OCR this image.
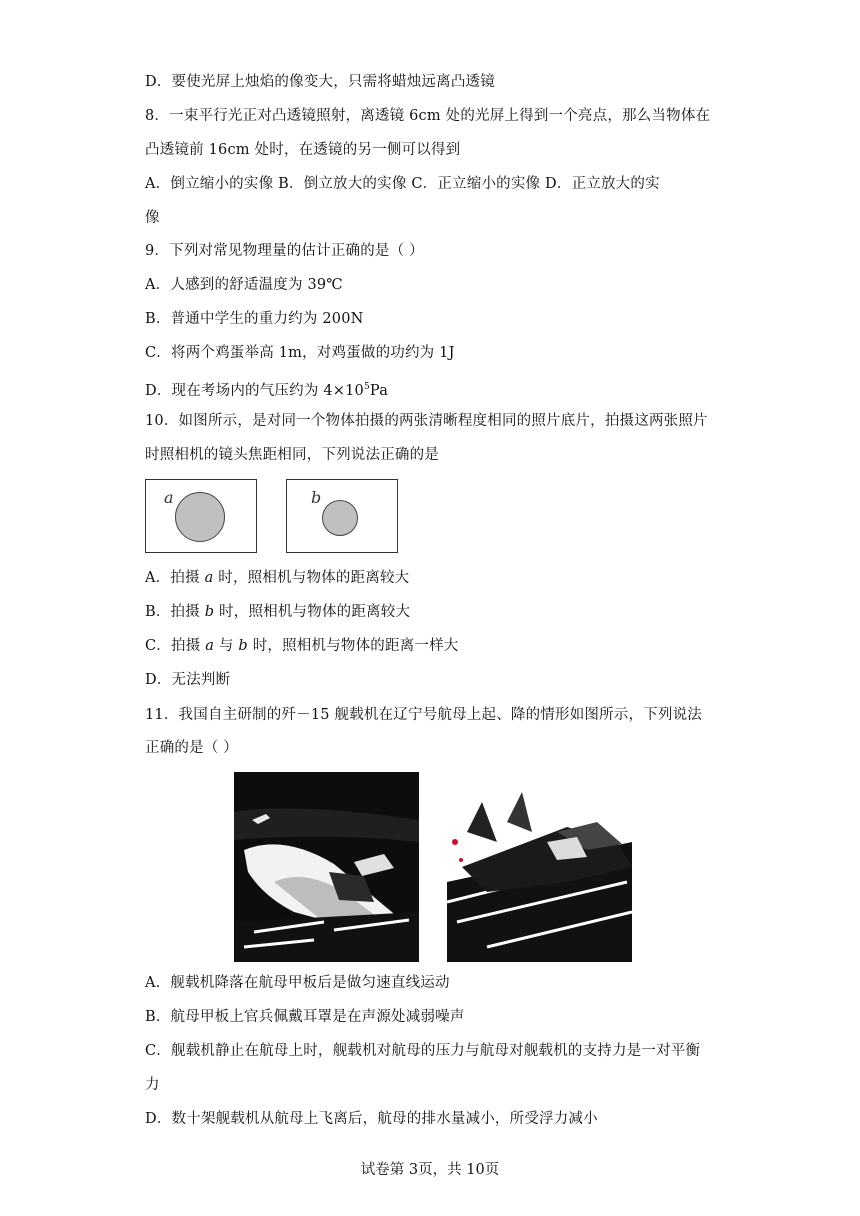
D．要使光屏上烛焰的像变大，只需将蜡烛远离凸透镜
8．一束平行光正对凸透镜照射，离透镜 6cm 处的光屏上得到一个亮点，那么当物体在
凸透镜前 16cm 处时，在透镜的另一侧可以得到
A．倒立缩小的实像 B．倒立放大的实像 C．正立缩小的实像 D．正立放大的实
像
9．下列对常见物理量的估计正确的是（ ）
A．人感到的舒适温度为 39℃
B．普通中学生的重力约为 200N
C．将两个鸡蛋举高 1m，对鸡蛋做的功约为 1J
D．现在考场内的气压约为 $4\times 10^5Pa$
10．如图所示，是对同一个物体拍摄的两张清晰程度相同的照片底片，拍摄这两张照片
时照相机的镜头焦距相同，下列说法正确的是
a	b
A．拍摄 a 时，照相机与物体的距离较大
B．拍摄 b 时，照相机与物体的距离较大
C．拍摄 a 与 b 时，照相机与物体的距离一样大
D．无法判断
11．我国自主研制的歼－15 舰载机在辽宁号航母上起、降的情形如图所示，下列说法
正确的是（ ）
A．舰载机降落在航母甲板后是做匀速直线运动
B．航母甲板上官兵佩戴耳罩是在声源处减弱噪声
C．舰载机静止在航母上时，舰载机对航母的压力与航母对舰载机的支持力是一对平衡
力
D．数十架舰载机从航母上飞离后，航母的排水量减小，所受浮力减小
试卷第 3页，共 10页
